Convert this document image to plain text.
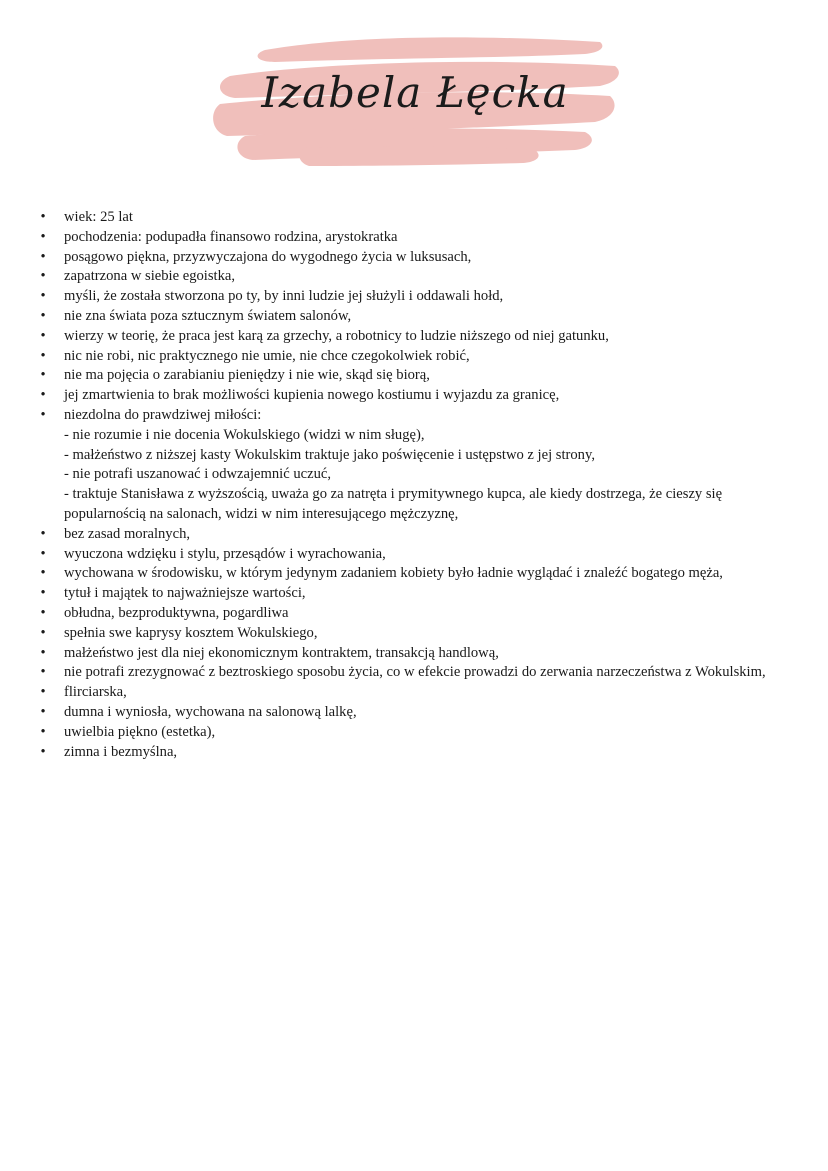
Izabela Łęcka
• wiek: 25 lat
• pochodzenia: podupadła finansowo rodzina, arystokratka
• posągowo piękna, przyzwyczajona do wygodnego życia w luksusach,
• zapatrzona w siebie egoistka,
• myśli, że została stworzona po ty, by inni ludzie jej służyli i oddawali hołd,
• nie zna świata poza sztucznym światem salonów,
• wierzy w teorię, że praca jest karą za grzechy, a robotnicy to ludzie niższego od niej gatunku,
• nic nie robi, nic praktycznego nie umie, nie chce czegokolwiek robić,
• nie ma pojęcia o zarabianiu pieniędzy i nie wie, skąd się biorą,
• jej zmartwienia to brak możliwości kupienia nowego kostiumu i wyjazdu za granicę,
• niezdolna do prawdziwej miłości:
- nie rozumie i nie docenia Wokulskiego (widzi w nim sługę),
- małżeństwo z niższej kasty Wokulskim traktuje jako poświęcenie i ustępstwo z jej strony,
- nie potrafi uszanować i odwzajemnić uczuć,
- traktuje Stanisława z wyższością, uważa go za natręta i prymitywnego kupca, ale kiedy dostrzega, że cieszy się popularnością na salonach, widzi w nim interesującego mężczyznę,
• bez zasad moralnych,
• wyuczona wdzięku i stylu, przesądów i wyrachowania,
• wychowana w środowisku, w którym jedynym zadaniem kobiety było ładnie wyglądać i znaleźć bogatego męża,
• tytuł i majątek to najważniejsze wartości,
• obłudna, bezproduktywna, pogardliwa
• spełnia swe kaprysy kosztem Wokulskiego,
• małżeństwo jest dla niej ekonomicznym kontraktem, transakcją handlową,
• nie potrafi zrezygnować z beztroskiego sposobu życia, co w efekcie prowadzi do zerwania narzeczeństwa z Wokulskim,
• flirciarska,
• dumna i wyniosła, wychowana na salonową lalkę,
• uwielbia piękno (estetka),
• zimna i bezmyślna,
